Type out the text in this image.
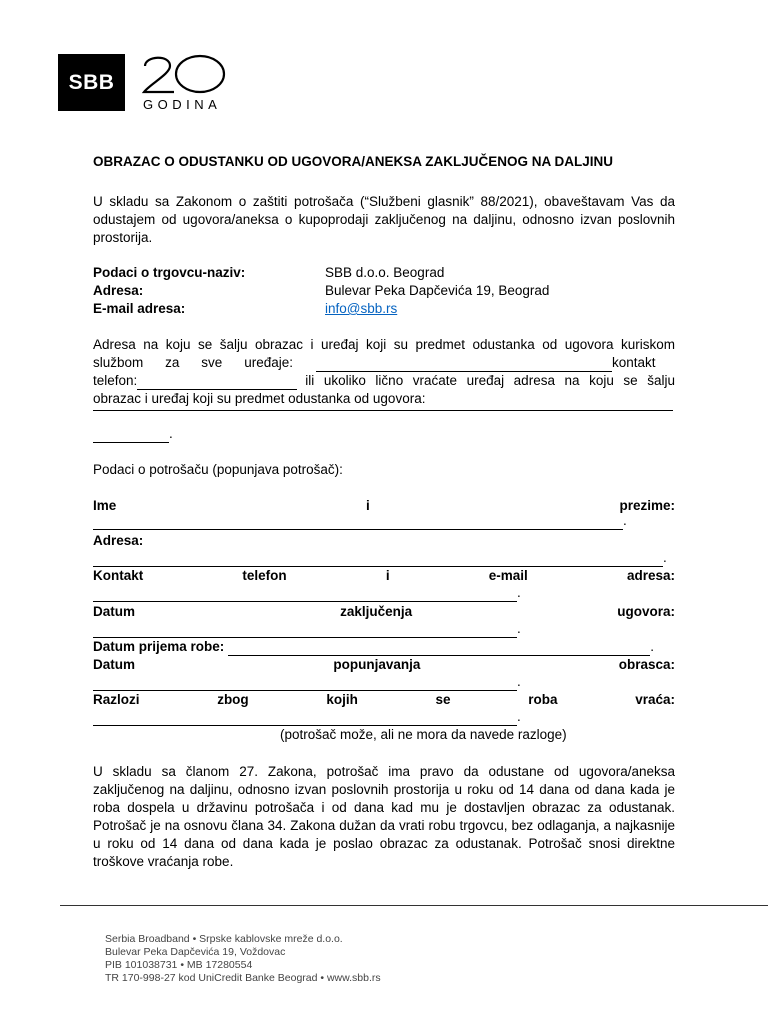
SBB
20
GODINA
OBRAZAC O ODUSTANKU OD UGOVORA/ANEKSA ZAKLJUČENOG NA DALJINU
U skladu sa Zakonom o zaštiti potrošača (“Službeni glasnik” 88/2021), obaveštavam Vas da odustajem od ugovora/aneksa o kupoprodaji zaključenog na daljinu, odnosno izvan poslovnih prostorija.
Podaci o trgovcu-naziv:	SBB d.o.o. Beograd
Adresa:	Bulevar Peka Dapčevića 19, Beograd
E-mail adresa:	info@sbb.rs
Adresa na koju se šalju obrazac i uređaj koji su predmet odustanka od ugovora kuriskom
službom za sve uređaje:	kontakt
telefon:	ili ukoliko lično vraćate uređaj adresa na koju se šalju
obrazac i uređaj koji su predmet odustanka od ugovora:
.
Podaci o potrošaču (popunjava potrošač):
Ime	i	prezime:
.
Adresa:
.
Kontakt	telefon	i	e-mail	adresa:
.
Datum	zaključenja	ugovora:
.
Datum prijema robe:	.
Datum	popunjavanja	obrasca:
.
Razlozi	zbog	kojih	se	roba	vraća:
.
(potrošač može, ali ne mora da navede razloge)
U skladu sa članom 27. Zakona, potrošač ima pravo da odustane od ugovora/aneksa zaključenog na daljinu, odnosno izvan poslovnih prostorija u roku od 14 dana od dana kada je roba dospela u državinu potrošača i od dana kad mu je dostavljen obrazac za odustanak. Potrošač je na osnovu člana 34. Zakona dužan da vrati robu trgovcu, bez odlaganja, a najkasnije u roku od 14 dana od dana kada je poslao obrazac za odustanak. Potrošač snosi direktne troškove vraćanja robe.
Serbia Broadband • Srpske kablovske mreže d.o.o.
Bulevar Peka Dapčevića 19, Voždovac
PIB 101038731 • MB 17280554
TR 170-998-27 kod UniCredit Banke Beograd • www.sbb.rs
